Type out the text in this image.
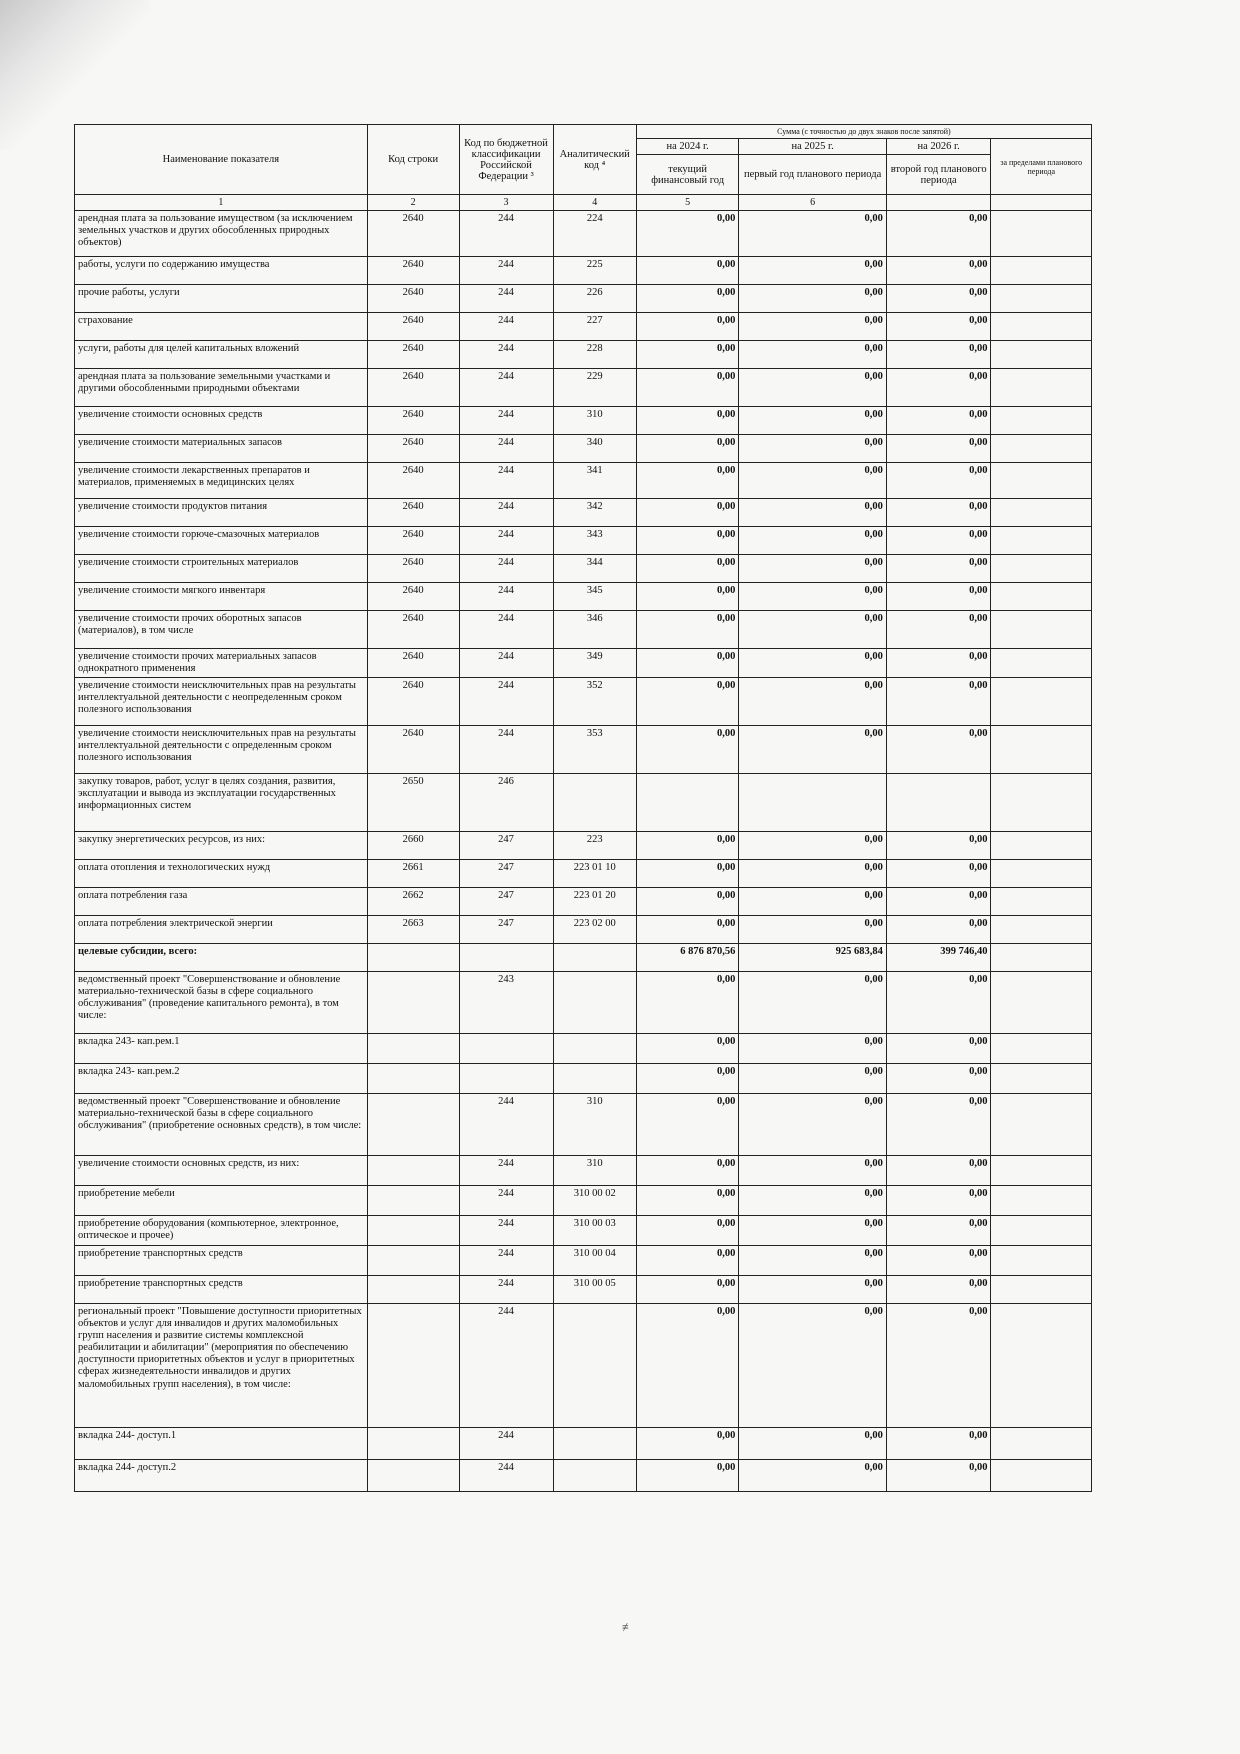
Наименование показателя	Код строки	Код по бюджетной классификации Российской Федерации ³	Аналитический код ⁴	Сумма (с точностью до двух знаков после запятой)			
				на 2024 г.	на 2025 г.	на 2026 г.	за пределами планового периода
				текущий финансовый год	первый год планового периода	второй год планового периода	
1	2	3	4	5	6		
арендная плата за пользование имуществом (за исключением земельных участков и других обособленных природных объектов)	2640	244	224	0,00	0,00	0,00	
работы, услуги по содержанию имущества	2640	244	225	0,00	0,00	0,00	
прочие работы, услуги	2640	244	226	0,00	0,00	0,00	
страхование	2640	244	227	0,00	0,00	0,00	
услуги, работы для целей капитальных вложений	2640	244	228	0,00	0,00	0,00	
арендная плата за пользование земельными участками и другими обособленными природными объектами	2640	244	229	0,00	0,00	0,00	
увеличение стоимости основных средств	2640	244	310	0,00	0,00	0,00	
увеличение стоимости материальных запасов	2640	244	340	0,00	0,00	0,00	
увеличение стоимости лекарственных препаратов и материалов, применяемых в медицинских целях	2640	244	341	0,00	0,00	0,00	
увеличение стоимости продуктов питания	2640	244	342	0,00	0,00	0,00	
увеличение стоимости горюче-смазочных материалов	2640	244	343	0,00	0,00	0,00	
увеличение стоимости строительных материалов	2640	244	344	0,00	0,00	0,00	
увеличение стоимости мягкого инвентаря	2640	244	345	0,00	0,00	0,00	
увеличение стоимости прочих оборотных запасов (материалов), в том числе	2640	244	346	0,00	0,00	0,00	
увеличение стоимости прочих материальных запасов однократного применения	2640	244	349	0,00	0,00	0,00	
увеличение стоимости неисключительных прав на результаты интеллектуальной деятельности с неопределенным сроком полезного использования	2640	244	352	0,00	0,00	0,00	
увеличение стоимости неисключительных прав на результаты интеллектуальной деятельности с определенным сроком полезного использования	2640	244	353	0,00	0,00	0,00	
закупку товаров, работ, услуг в целях создания, развития, эксплуатации и вывода из эксплуатации государственных информационных систем	2650	246					
закупку энергетических ресурсов, из них:	2660	247	223	0,00	0,00	0,00	
оплата отопления и технологических нужд	2661	247	223 01 10	0,00	0,00	0,00	
оплата потребления газа	2662	247	223 01 20	0,00	0,00	0,00	
оплата потребления электрической энергии	2663	247	223 02 00	0,00	0,00	0,00	
целевые субсидии, всего:				6 876 870,56	925 683,84	399 746,40	
ведомственный проект "Совершенствование и обновление материально-технической базы в сфере социального обслуживания" (проведение капитального ремонта), в том числе:		243		0,00	0,00	0,00	
вкладка 243- кап.рем.1				0,00	0,00	0,00	
вкладка 243- кап.рем.2				0,00	0,00	0,00	
ведомственный проект "Совершенствование и обновление материально-технической базы в сфере социального обслуживания" (приобретение основных средств), в том числе:		244	310	0,00	0,00	0,00	
увеличение стоимости основных средств, из них:		244	310	0,00	0,00	0,00	
приобретение мебели		244	310 00 02	0,00	0,00	0,00	
приобретение оборудования (компьютерное, электронное, оптическое и прочее)		244	310 00 03	0,00	0,00	0,00	
приобретение транспортных средств		244	310 00 04	0,00	0,00	0,00	
приобретение транспортных средств		244	310 00 05	0,00	0,00	0,00	
региональный проект "Повышение доступности приоритетных объектов и услуг для инвалидов и других маломобильных групп населения и развитие системы комплексной реабилитации и абилитации" (мероприятия по обеспечению доступности приоритетных объектов и услуг в приоритетных сферах жизнедеятельности инвалидов и других маломобильных групп населения), в том числе:		244		0,00	0,00	0,00	
вкладка 244- доступ.1		244		0,00	0,00	0,00	
вкладка 244- доступ.2		244		0,00	0,00	0,00	
≢
